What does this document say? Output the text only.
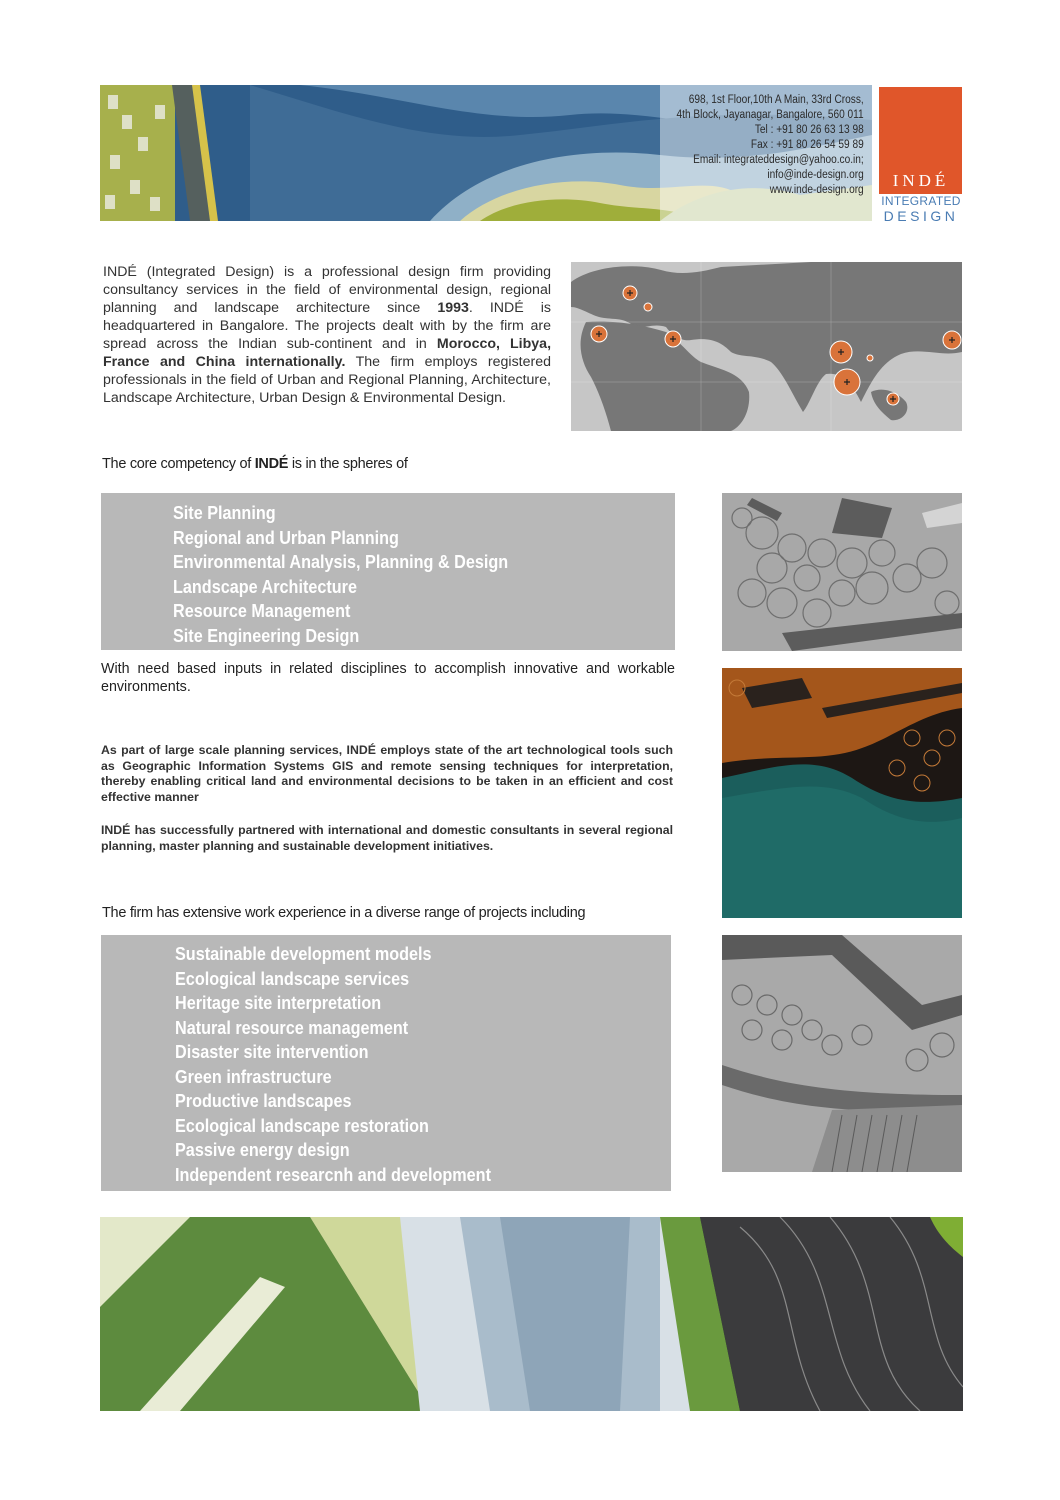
698, 1st Floor,10th A Main, 33rd Cross,
4th Block, Jayanagar, Bangalore, 560 011
Tel : +91 80 26 63 13 98
Fax : +91 80 26 54 59 89
Email: integrateddesign@yahoo.co.in;
info@inde-design.org
www.inde-design.org	INDÉ
INTEGRATED
DESIGN
INDÉ (Integrated Design) is a professional design firm providing consultancy services in the field of environmental design, regional planning and landscape architecture since 1993. INDÉ is headquartered in Bangalore. The projects dealt with by the firm are spread across the Indian sub-continent and in Morocco, Libya, France and China internationally. The firm employs registered professionals in the field of Urban and Regional Planning, Architecture, Landscape Architecture, Urban Design & Environmental Design.
The core competency of INDÉ is in the spheres of
Site Planning
Regional and Urban Planning
Environmental Analysis, Planning & Design
Landscape Architecture
Resource Management
Site Engineering Design
With need based inputs in related disciplines to accomplish innovative and workable environments.
As part of large scale planning services, INDÉ employs state of the art technological tools such as Geographic Information Systems GIS and remote sensing techniques for interpretation, thereby enabling critical land and environmental decisions to be taken in an efficient and cost effective manner
INDÉ has successfully partnered with international and domestic consultants in several regional planning, master planning and sustainable development initiatives.
The firm has extensive work experience in a diverse range of projects including
Sustainable development models
Ecological landscape services
Heritage site interpretation
Natural resource management
Disaster site intervention
Green infrastructure
Productive landscapes
Ecological landscape restoration
Passive energy design
Independent researcnh and development
